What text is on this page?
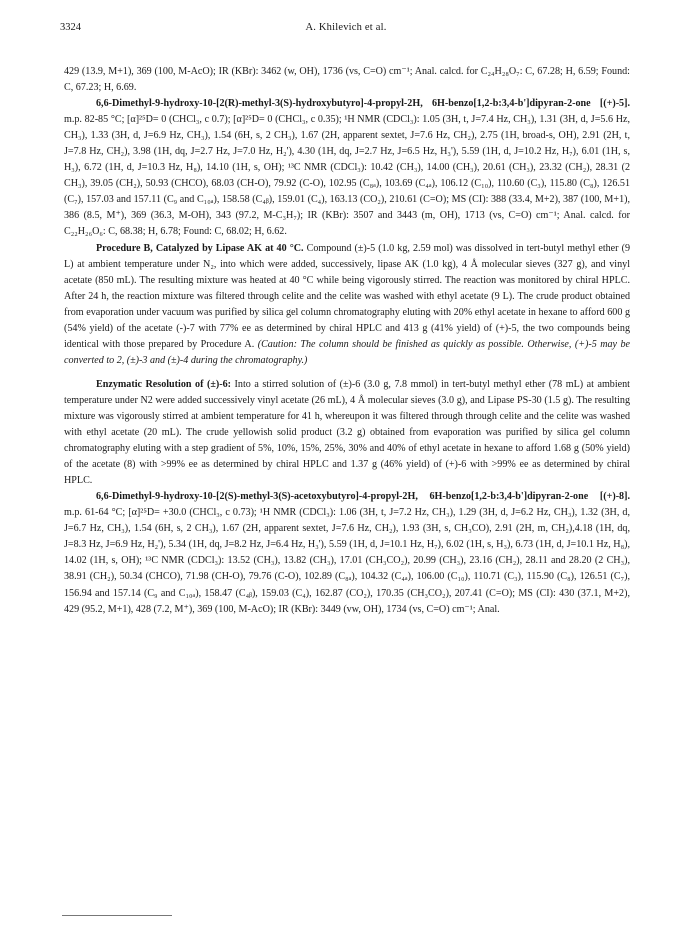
3324	A. Khilevich et al.

429 (13.9, M+1), 369 (100, M-AcO); IR (KBr): 3462 (w, OH), 1736 (vs, C=O) cm⁻¹; Anal. calcd. for C₂₄H₂₈O₇: C, 67.28; H, 6.59; Found: C, 67.23; H, 6.69.

6,6-Dimethyl-9-hydroxy-10-[2(R)-methyl-3(S)-hydroxybutyro]-4-propyl-2H, 6H-benzo[1,2-b:3,4-b']dipyran-2-one [(+)-5]. m.p. 82-85 °C; [α]²⁵D= 0 (CHCl₃, c 0.7); [α]²⁵D= 0 (CHCl₃, c 0.35); ¹H NMR (CDCl₃): 1.05 (3H, t, J=7.4 Hz, CH₃), 1.31 (3H, d, J=5.6 Hz, CH₃), 1.33 (3H, d, J=6.9 Hz, CH₃), 1.54 (6H, s, 2 CH₃), 1.67 (2H, apparent sextet, J=7.6 Hz, CH₂), 2.75 (1H, broad-s, OH), 2.91 (2H, t, J=7.8 Hz, CH₂), 3.98 (1H, dq, J=2.7 Hz, J=7.0 Hz, H₂'), 4.30 (1H, dq, J=2.7 Hz, J=6.5 Hz, H₃'), 5.59 (1H, d, J=10.2 Hz, H₇), 6.01 (1H, s, H₃), 6.72 (1H, d, J=10.3 Hz, H₈), 14.10 (1H, s, OH); ¹³C NMR (CDCl₃): 10.42 (CH₃), 14.00 (CH₃), 20.61 (CH₃), 23.32 (CH₂), 28.31 (2 CH₃), 39.05 (CH₂), 50.93 (CHCO), 68.03 (CH-O), 79.92 (C-O), 102.95 (C₈ₐ), 103.69 (C₄ₐ), 106.12 (C₁₀), 110.60 (C₃), 115.80 (C₈), 126.51 (C₇), 157.03 and 157.11 (C₉ and C₁₀ₐ), 158.58 (C₄ᵦ), 159.01 (C₄), 163.13 (CO₂), 210.61 (C=O); MS (CI): 388 (33.4, M+2), 387 (100, M+1), 386 (8.5, M⁺), 369 (36.3, M-OH), 343 (97.2, M-C₃H₇); IR (KBr): 3507 and 3443 (m, OH), 1713 (vs, C=O) cm⁻¹; Anal. calcd. for C₂₂H₂₆O₆: C, 68.38; H, 6.78; Found: C, 68.02; H, 6.62.

Procedure B, Catalyzed by Lipase AK at 40 °C. Compound (±)-5 (1.0 kg, 2.59 mol) was dissolved in tert-butyl methyl ether (9 L) at ambient temperature under N₂, into which were added, successively, lipase AK (1.0 kg), 4 Å molecular sieves (327 g), and vinyl acetate (850 mL). The resulting mixture was heated at 40 °C while being vigorously stirred. The reaction was monitored by chiral HPLC. After 24 h, the reaction mixture was filtered through celite and the celite was washed with ethyl acetate (9 L). The crude product obtained from evaporation under vacuum was purified by silica gel column chromatography eluting with 20% ethyl acetate in hexane to afford 600 g (54% yield) of the acetate (-)-7 with 77% ee as determined by chiral HPLC and 413 g (41% yield) of (+)-5, the two compounds being identical with those prepared by Procedure A. (Caution: The column should be finished as quickly as possible. Otherwise, (+)-5 may be converted to 2, (±)-3 and (±)-4 during the chromatography.)

Enzymatic Resolution of (±)-6: Into a stirred solution of (±)-6 (3.0 g, 7.8 mmol) in tert-butyl methyl ether (78 mL) at ambient temperature under N2 were added successively vinyl acetate (26 mL), 4 Å molecular sieves (3.0 g), and Lipase PS-30 (1.5 g). The resulting mixture was vigorously stirred at ambient temperature for 41 h, whereupon it was filtered through through celite and the celite was washed with ethyl acetate (20 mL). The crude yellowish solid product (3.2 g) obtained from evaporation was purified by silica gel column chromatography eluting with a step gradient of 5%, 10%, 15%, 25%, 30% and 40% of ethyl acetate in hexane to afford 1.68 g (50% yield) of the acetate (8) with >99% ee as determined by chiral HPLC and 1.37 g (46% yield) of (+)-6 with >99% ee as determined by chiral HPLC.

6,6-Dimethyl-9-hydroxy-10-[2(S)-methyl-3(S)-acetoxybutyro]-4-propyl-2H, 6H-benzo[1,2-b:3,4-b']dipyran-2-one [(+)-8]. m.p. 61-64 °C; [α]²⁵D= +30.0 (CHCl₃, c 0.73); ¹H NMR (CDCl₃): 1.06 (3H, t, J=7.2 Hz, CH₃), 1.29 (3H, d, J=6.2 Hz, CH₃), 1.32 (3H, d, J=6.7 Hz, CH₃), 1.54 (6H, s, 2 CH₃), 1.67 (2H, apparent sextet, J=7.6 Hz, CH₂), 1.93 (3H, s, CH₃CO), 2.91 (2H, m, CH₂),4.18 (1H, dq, J=8.3 Hz, J=6.9 Hz, H₂'), 5.34 (1H, dq, J=8.2 Hz, J=6.4 Hz, H₃'), 5.59 (1H, d, J=10.1 Hz, H₇), 6.02 (1H, s, H₃), 6.73 (1H, d, J=10.1 Hz, H₈), 14.02 (1H, s, OH); ¹³C NMR (CDCl₃): 13.52 (CH₃), 13.82 (CH₃), 17.01 (CH₃CO₂), 20.99 (CH₃), 23.16 (CH₂), 28.11 and 28.20 (2 CH₃), 38.91 (CH₂), 50.34 (CHCO), 71.98 (CH-O), 79.76 (C-O), 102.89 (C₈ₐ), 104.32 (C₄ₐ), 106.00 (C₁₀), 110.71 (C₃), 115.90 (C₈), 126.51 (C₇), 156.94 and 157.14 (C₉ and C₁₀ₐ), 158.47 (C₄ᵦ), 159.03 (C₄), 162.87 (CO₂), 170.35 (CH₃CO₂), 207.41 (C=O); MS (CI): 430 (37.1, M+2), 429 (95.2, M+1), 428 (7.2, M⁺), 369 (100, M-AcO); IR (KBr): 3449 (vw, OH), 1734 (vs, C=O) cm⁻¹; Anal.
